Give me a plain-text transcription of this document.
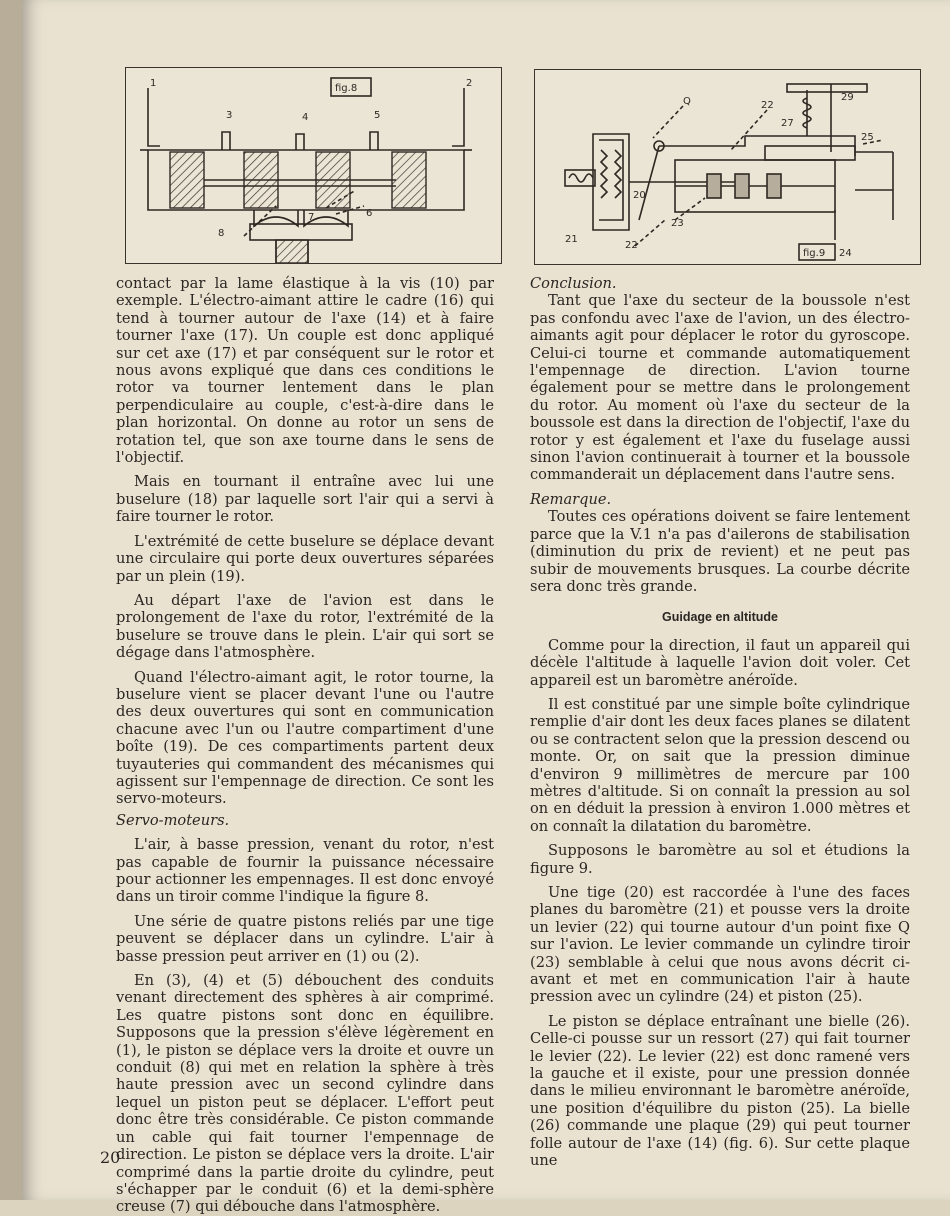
fig.8
1	2
3	4	5
6
7
8
Q	22
27
29
25
20
21
22
23
24
fig.9

contact par la lame élastique à la vis (10) par exemple. L'électro-aimant attire le cadre (16) qui tend à tourner autour de l'axe (14) et à faire tourner l'axe (17). Un couple est donc appliqué sur cet axe (17) et par conséquent sur le rotor et nous avons expliqué que dans ces conditions le rotor va tourner lentement dans le plan perpendiculaire au couple, c'est-à-dire dans le plan horizontal. On donne au rotor un sens de rotation tel, que son axe tourne dans le sens de l'objectif.

Mais en tournant il entraîne avec lui une buselure (18) par laquelle sort l'air qui a servi à faire tourner le rotor.

L'extrémité de cette buselure se déplace devant une circulaire qui porte deux ouvertures séparées par un plein (19).

Au départ l'axe de l'avion est dans le prolongement de l'axe du rotor, l'extrémité de la buselure se trouve dans le plein. L'air qui sort se dégage dans l'atmosphère.

Quand l'électro-aimant agit, le rotor tourne, la buselure vient se placer devant l'une ou l'autre des deux ouvertures qui sont en communication chacune avec l'un ou l'autre compartiment d'une boîte (19). De ces compartiments partent deux tuyauteries qui commandent des mécanismes qui agissent sur l'empennage de direction. Ce sont les servo-moteurs.

Servo-moteurs.

L'air, à basse pression, venant du rotor, n'est pas capable de fournir la puissance nécessaire pour actionner les empennages. Il est donc envoyé dans un tiroir comme l'indique la figure 8.

Une série de quatre pistons reliés par une tige peuvent se déplacer dans un cylindre. L'air à basse pression peut arriver en (1) ou (2).

En (3), (4) et (5) débouchent des conduits venant directement des sphères à air comprimé. Les quatre pistons sont donc en équilibre. Supposons que la pression s'élève légèrement en (1), le piston se déplace vers la droite et ouvre un conduit (8) qui met en relation la sphère à très haute pression avec un second cylindre dans lequel un piston peut se déplacer. L'effort peut donc être très considérable. Ce piston commande un cable qui fait tourner l'empennage de direction. Le piston se déplace vers la droite. L'air comprimé dans la partie droite du cylindre, peut s'échapper par le conduit (6) et la demi-sphère creuse (7) qui débouche dans l'atmosphère.

Conclusion.

Tant que l'axe du secteur de la boussole n'est pas confondu avec l'axe de l'avion, un des électro-aimants agit pour déplacer le rotor du gyroscope. Celui-ci tourne et commande automatiquement l'empennage de direction. L'avion tourne également pour se mettre dans le prolongement du rotor. Au moment où l'axe du secteur de la boussole est dans la direction de l'objectif, l'axe du rotor y est également et l'axe du fuselage aussi sinon l'avion continuerait à tourner et la boussole commanderait un déplacement dans l'autre sens.

Remarque.

Toutes ces opérations doivent se faire lentement parce que la V.1 n'a pas d'ailerons de stabilisation (diminution du prix de revient) et ne peut pas subir de mouvements brusques. La courbe décrite sera donc très grande.

Guidage en altitude

Comme pour la direction, il faut un appareil qui décèle l'altitude à laquelle l'avion doit voler. Cet appareil est un baromètre anéroïde.

Il est constitué par une simple boîte cylindrique remplie d'air dont les deux faces planes se dilatent ou se contractent selon que la pression descend ou monte. Or, on sait que la pression diminue d'environ 9 millimètres de mercure par 100 mètres d'altitude. Si on connaît la pression au sol on en déduit la pression à environ 1.000 mètres et on connaît la dilatation du baromètre.

Supposons le baromètre au sol et étudions la figure 9.

Une tige (20) est raccordée à l'une des faces planes du baromètre (21) et pousse vers la droite un levier (22) qui tourne autour d'un point fixe Q sur l'avion. Le levier commande un cylindre tiroir (23) semblable à celui que nous avons décrit ci-avant et met en communication l'air à haute pression avec un cylindre (24) et piston (25).

Le piston se déplace entraînant une bielle (26). Celle-ci pousse sur un ressort (27) qui fait tourner le levier (22). Le levier (22) est donc ramené vers la gauche et il existe, pour une pression donnée dans le milieu environnant le baromètre anéroïde, une position d'équilibre du piston (25). La bielle (26) commande une plaque (29) qui peut tourner folle autour de l'axe (14) (fig. 6). Sur cette plaque une

20
